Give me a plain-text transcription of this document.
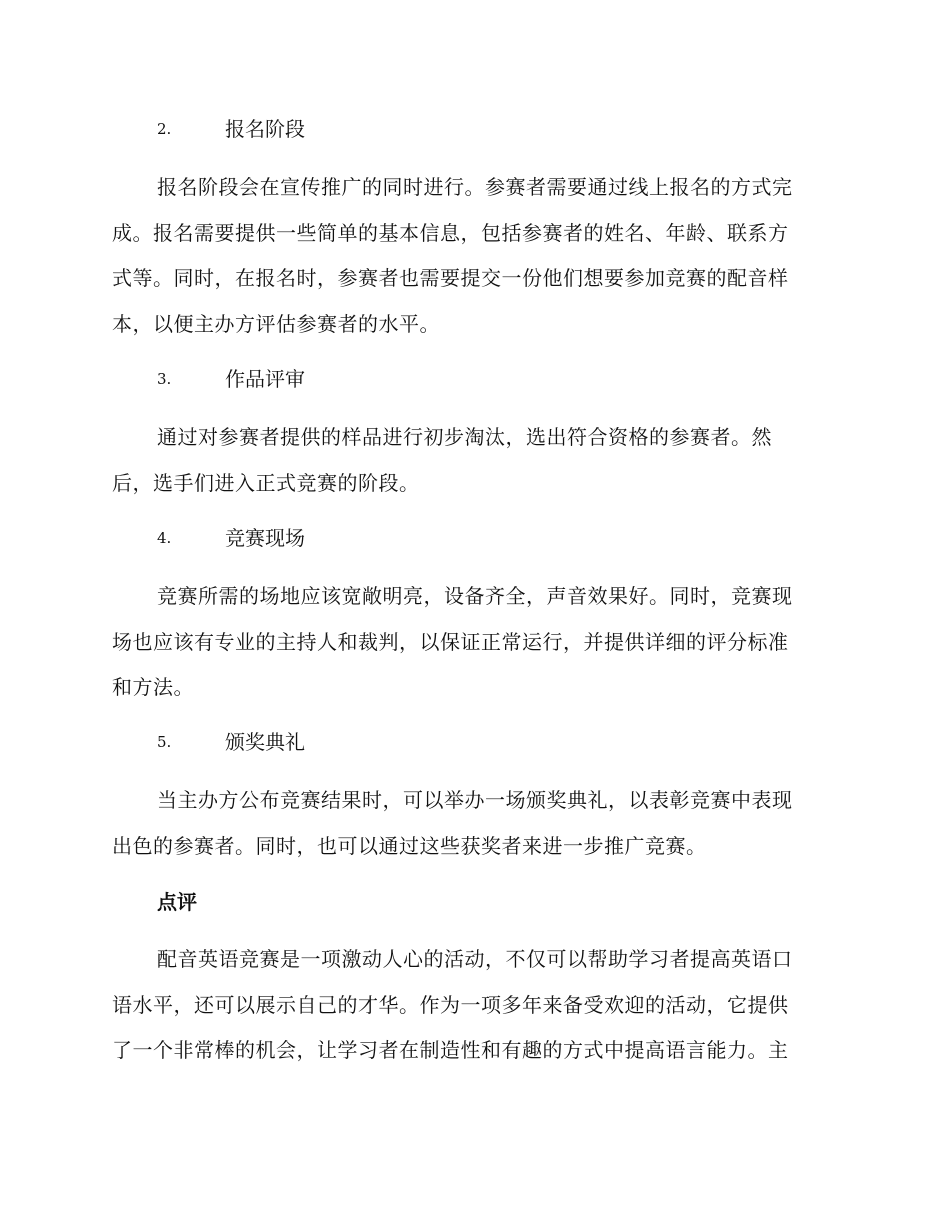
2.	报名阶段
报名阶段会在宣传推广的同时进行。参赛者需要通过线上报名的方式完
成。报名需要提供一些简单的基本信息，包括参赛者的姓名、年龄、联系方
式等。同时，在报名时，参赛者也需要提交一份他们想要参加竞赛的配音样
本，以便主办方评估参赛者的水平。
3.	作品评审
通过对参赛者提供的样品进行初步淘汰，选出符合资格的参赛者。然
后，选手们进入正式竞赛的阶段。
4.	竞赛现场
竞赛所需的场地应该宽敞明亮，设备齐全，声音效果好。同时，竞赛现
场也应该有专业的主持人和裁判，以保证正常运行，并提供详细的评分标准
和方法。
5.	颁奖典礼
当主办方公布竞赛结果时，可以举办一场颁奖典礼，以表彰竞赛中表现
出色的参赛者。同时，也可以通过这些获奖者来进一步推广竞赛。
点评
配音英语竞赛是一项激动人心的活动，不仅可以帮助学习者提高英语口
语水平，还可以展示自己的才华。作为一项多年来备受欢迎的活动，它提供
了一个非常棒的机会，让学习者在制造性和有趣的方式中提高语言能力。主
